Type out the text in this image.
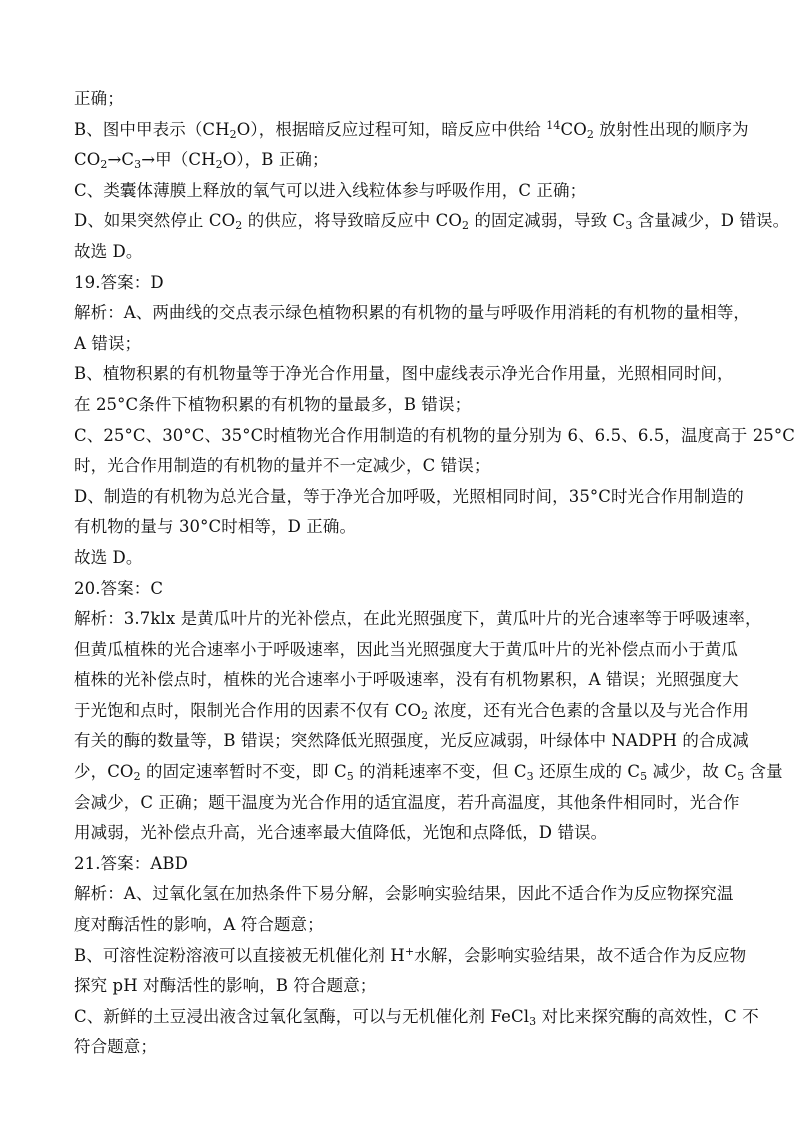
正确；
B、图中甲表示$(CH_2O)$，根据暗反应过程可知，暗反应中供给 $^{14}CO_2$ 放射性出现的顺序为
$CO_2\to C_3\to$甲$(CH_2O)$，B 正确；
C、类囊体薄膜上释放的氧气可以进入线粒体参与呼吸作用，C 正确；
D、如果突然停止 $CO_2$ 的供应，将导致暗反应中 $CO_2$ 的固定减弱，导致 $C_3$ 含量减少，D 错误。
故选 D。
19.答案：D
解析：A、两曲线的交点表示绿色植物积累的有机物的量与呼吸作用消耗的有机物的量相等，
A 错误；
B、植物积累的有机物量等于净光合作用量，图中虚线表示净光合作用量，光照相同时间，
在 25°C条件下植物积累的有机物的量最多，B 错误；
C、25°C、30°C、35°C时植物光合作用制造的有机物的量分别为 6、6.5、6.5，温度高于 25°C
时，光合作用制造的有机物的量并不一定减少，C 错误；
D、制造的有机物为总光合量，等于净光合加呼吸，光照相同时间，35°C时光合作用制造的
有机物的量与 30°C时相等，D 正确。
故选 D。
20.答案：C
解析：3.7klx 是黄瓜叶片的光补偿点，在此光照强度下，黄瓜叶片的光合速率等于呼吸速率，
但黄瓜植株的光合速率小于呼吸速率，因此当光照强度大于黄瓜叶片的光补偿点而小于黄瓜
植株的光补偿点时，植株的光合速率小于呼吸速率，没有有机物累积，A 错误；光照强度大
于光饱和点时，限制光合作用的因素不仅有 $CO_2$ 浓度，还有光合色素的含量以及与光合作用
有关的酶的数量等，B 错误；突然降低光照强度，光反应减弱，叶绿体中 NADPH 的合成减
少，$CO_2$ 的固定速率暂时不变，即 $C_5$ 的消耗速率不变，但 $C_3$ 还原生成的 $C_5$ 减少，故 $C_5$ 含量
会减少，C 正确；题干温度为光合作用的适宜温度，若升高温度，其他条件相同时，光合作
用减弱，光补偿点升高，光合速率最大值降低，光饱和点降低，D 错误。
21.答案：ABD
解析：A、过氧化氢在加热条件下易分解，会影响实验结果，因此不适合作为反应物探究温
度对酶活性的影响，A 符合题意；
B、可溶性淀粉溶液可以直接被无机催化剂 H+水解，会影响实验结果，故不适合作为反应物
探究 pH 对酶活性的影响，B 符合题意；
C、新鲜的土豆浸出液含过氧化氢酶，可以与无机催化剂 FeCl$_3$ 对比来探究酶的高效性，C 不
符合题意；
